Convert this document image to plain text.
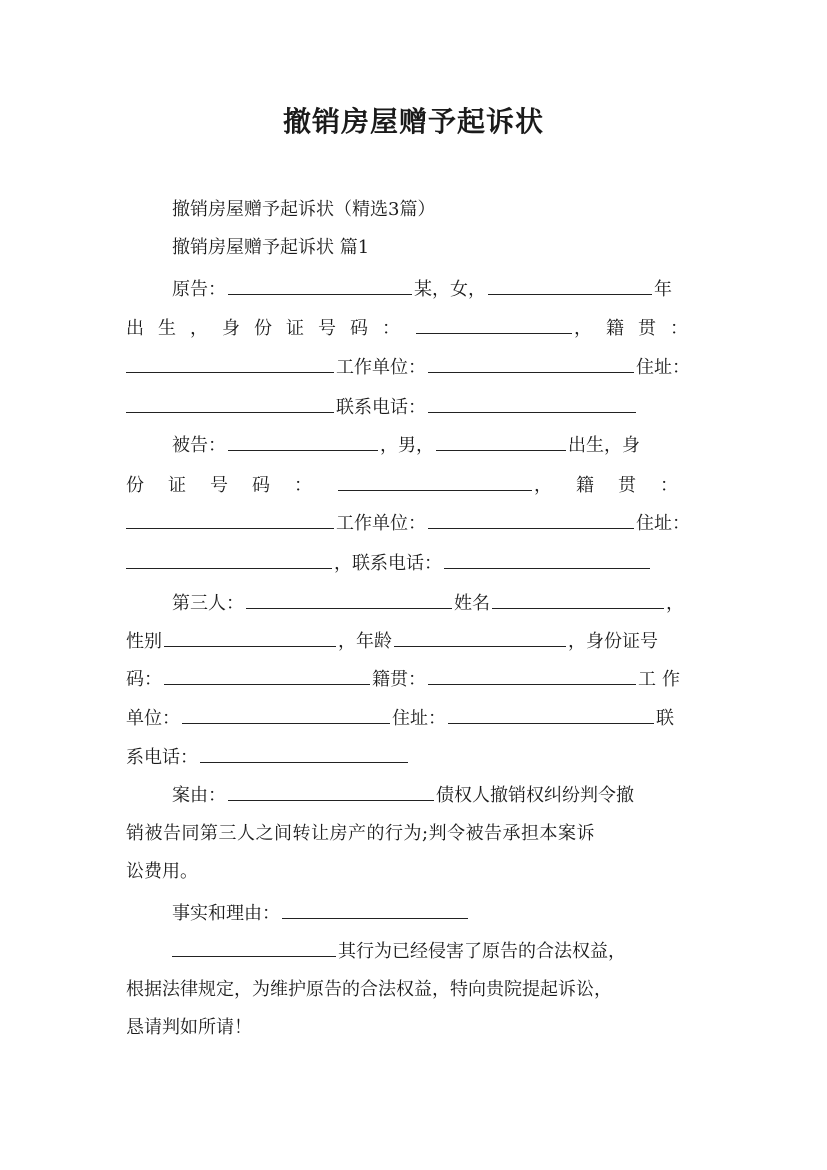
撤销房屋赠予起诉状
撤销房屋赠予起诉状（精选3篇）
撤销房屋赠予起诉状 篇1
原告：	某，女，	年
出生，身份证号码：	，籍贯：
工作单位：	住址：
联系电话：
被告：	，男，	出生，身
份证号码：	，籍贯：
工作单位：	住址：
，联系电话：
第三人：	姓名	，
性别	，年龄	，身份证号
码：	籍贯：	工作
单位：	住址：	联
系电话：
案由：	债权人撤销权纠纷判令撤
销被告同第三人之间转让房产的行为;判令被告承担本案诉
讼费用。
事实和理由：
其行为已经侵害了原告的合法权益，
根据法律规定，为维护原告的合法权益，特向贵院提起诉讼，
恳请判如所请！
